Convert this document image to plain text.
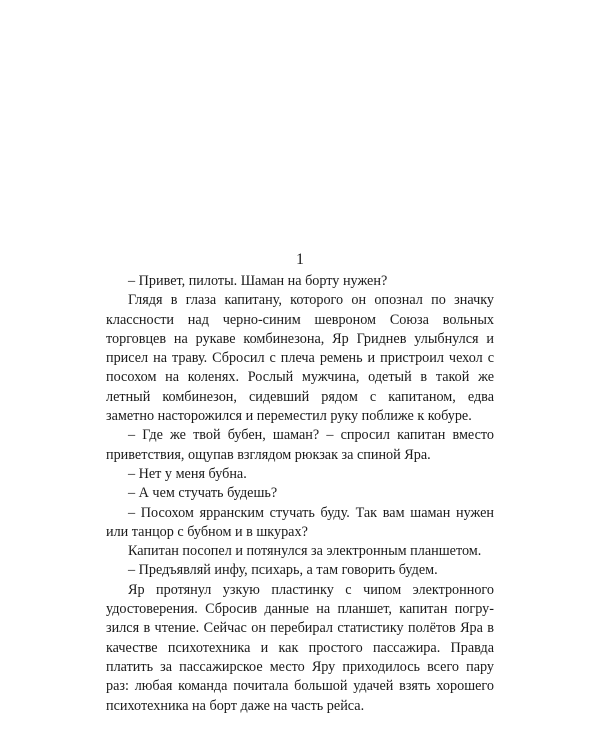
1

– Привет, пилоты. Шаман на борту нужен?

Глядя в глаза капитану, которого он опознал по значку классности над черно-синим шевроном Союза вольных торговцев на рукаве комбинезона, Яр Гриднев улыбнулся и присел на траву. Сбросил с плеча ремень и пристроил чехол с посохом на коленях. Рослый мужчина, одетый в такой же летный комбинезон, сидевший рядом с капитаном, едва заметно насторожился и переместил руку поближе к кобуре.

– Где же твой бубен, шаман? – спросил капитан вместо приветствия, ощупав взглядом рюкзак за спиной Яра.

– Нет у меня бубна.

– А чем стучать будешь?

– Посохом ярранским стучать буду. Так вам шаман нужен или танцор с бубном и в шкурах?

Капитан посопел и потянулся за электронным планшетом.

– Предъявляй инфу, психарь, а там говорить будем.

Яр протянул узкую пластинку с чипом электронного удостоверения. Сбросив данные на планшет, капитан погрузился в чтение. Сейчас он перебирал статистику полётов Яра в качестве психотехника и как простого пассажира. Правда платить за пассажирское место Яру приходилось всего пару раз: любая команда почитала большой удачей взять хорошего психотехника на борт даже на часть рейса.
